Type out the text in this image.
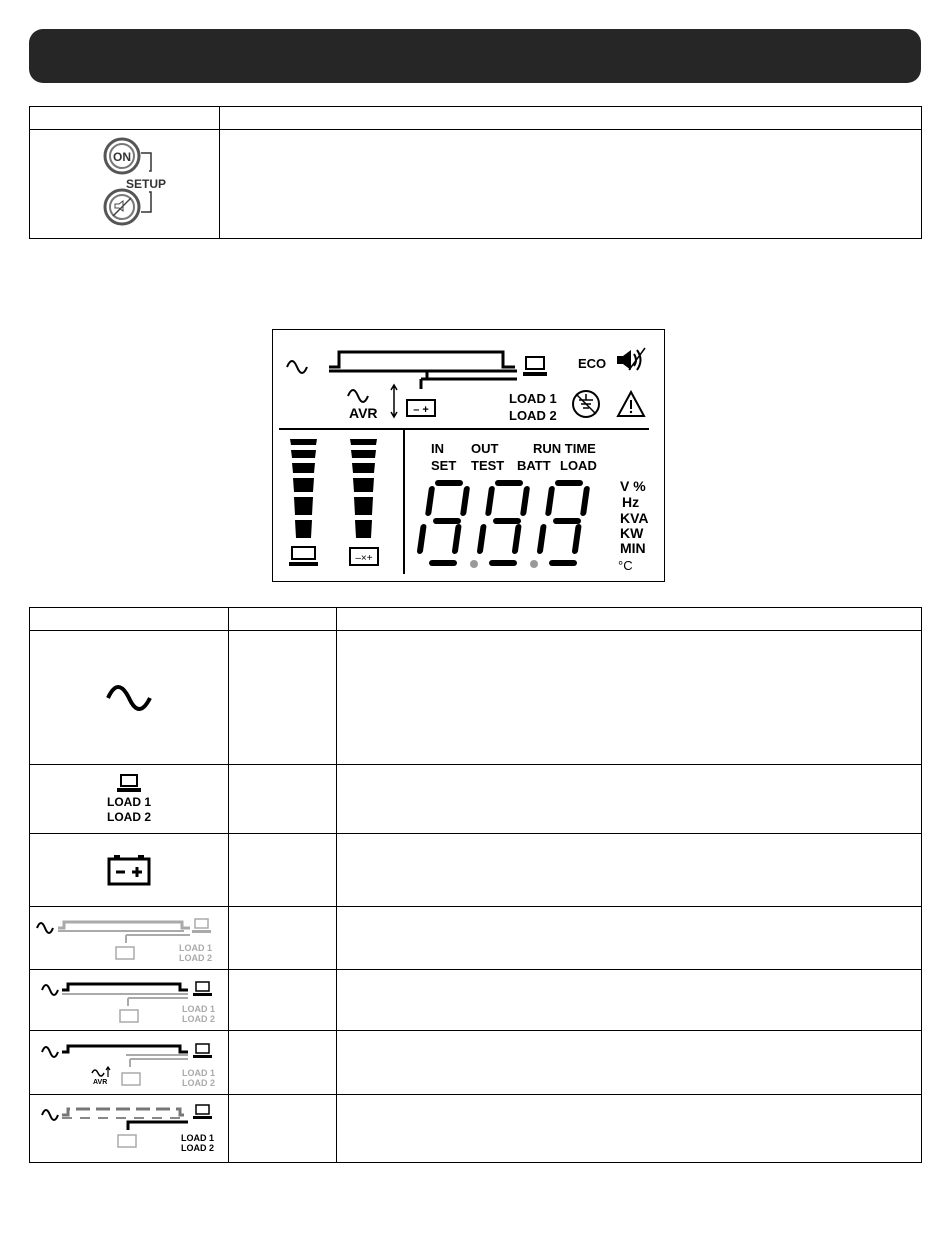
ON
SETUP	

– +
–×+
ECO
AVR
LOAD 1
LOAD 2
IN OUT	RUN TIME
SET TEST BATT LOAD
V %
Hz
KVA
KW
MIN
°C

LOAD 1
LOAD 2		

LOAD 1
LOAD 2		

LOAD 1
LOAD 2		

AVR
LOAD 1
LOAD 2		

LOAD 1
LOAD 2		
